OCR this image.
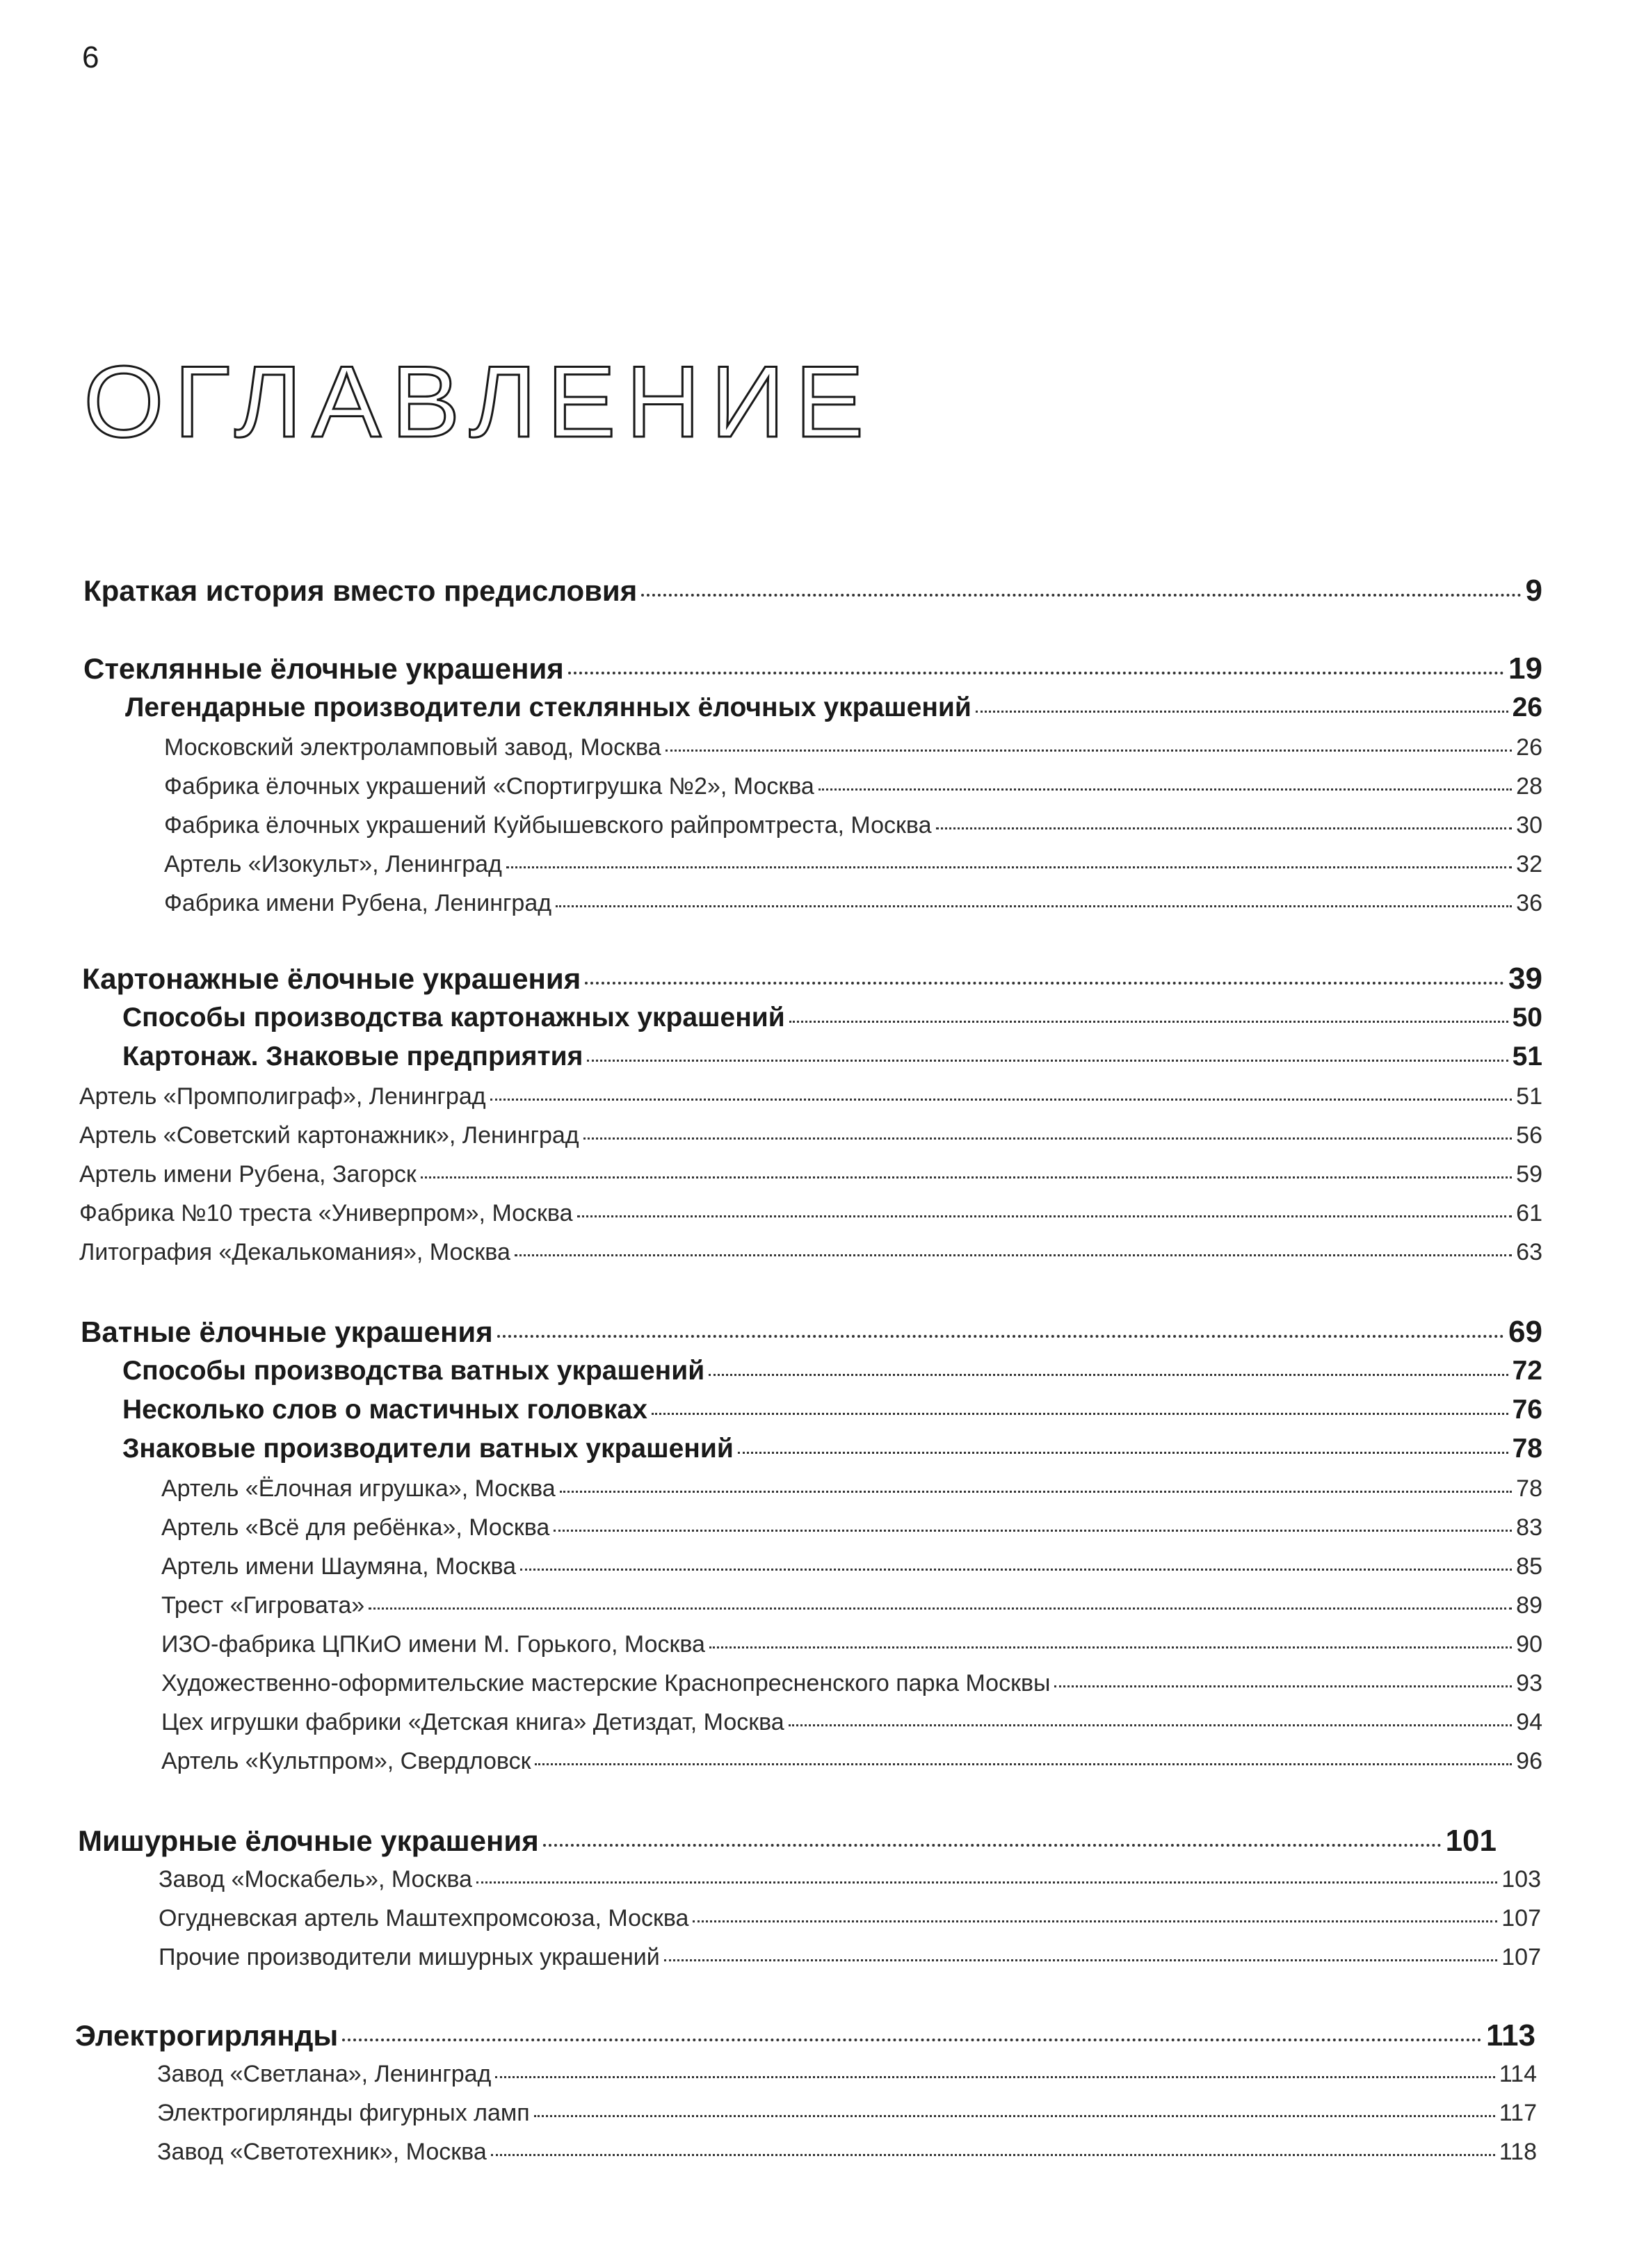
6
ОГЛАВЛЕНИЕ
Краткая история вместо предисловия	9
Стеклянные ёлочные украшения	19
Легендарные производители стеклянных ёлочных украшений	26
Московский электроламповый завод, Москва	26
Фабрика ёлочных украшений «Спортигрушка №2», Москва	28
Фабрика ёлочных украшений Куйбышевского райпромтреста, Москва	30
Артель «Изокульт», Ленинград	32
Фабрика имени Рубена, Ленинград	36
Картонажные ёлочные украшения	39
Способы производства картонажных украшений	50
Картонаж. Знаковые предприятия	51
Артель «Промполиграф», Ленинград	51
Артель «Советский картонажник», Ленинград	56
Артель имени Рубена, Загорск	59
Фабрика №10 треста «Универпром», Москва	61
Литография «Декалькомания», Москва	63
Ватные ёлочные украшения	69
Способы производства ватных украшений	72
Несколько слов о мастичных головках	76
Знаковые производители ватных украшений	78
Артель «Ёлочная игрушка», Москва	78
Артель «Всё для ребёнка», Москва	83
Артель имени Шаумяна, Москва	85
Трест «Гигровата»	89
ИЗО-фабрика ЦПКиО имени М. Горького, Москва	90
Художественно-оформительские мастерские Краснопресненского парка Москвы	93
Цех игрушки фабрики «Детская книга» Детиздат, Москва	94
Артель «Культпром», Свердловск	96
Мишурные ёлочные украшения	101
Завод «Москабель», Москва	103
Огудневская артель Маштехпромсоюза, Москва	107
Прочие производители мишурных украшений	107
Электрогирлянды	113
Завод «Светлана», Ленинград	114
Электрогирлянды фигурных ламп	117
Завод «Светотехник», Москва	118
